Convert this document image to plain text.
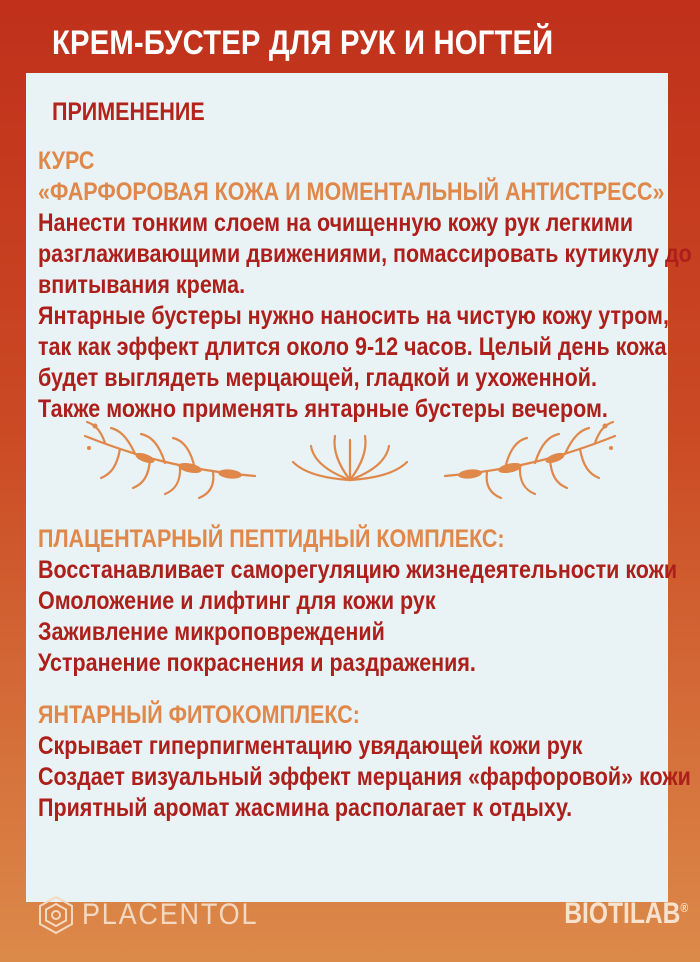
КРЕМ-БУСТЕР ДЛЯ РУК И НОГТЕЙ
ПРИМЕНЕНИЕ
КУРС
«ФАРФОРОВАЯ КОЖА И МОМЕНТАЛЬНЫЙ АНТИСТРЕСС»
Нанести тонким слоем на очищенную кожу рук легкими
разглаживающими движениями, помассировать кутикулу до
впитывания крема.
Янтарные бустеры нужно наносить на чистую кожу утром,
так как эффект длится около 9-12 часов. Целый день кожа
будет выглядеть мерцающей, гладкой и ухоженной.
Также можно применять янтарные бустеры вечером.
ПЛАЦЕНТАРНЫЙ ПЕПТИДНЫЙ КОМПЛЕКС:
Восстанавливает саморегуляцию жизнедеятельности кожи
Омоложение и лифтинг для кожи рук
Заживление микроповреждений
Устранение покраснения и раздражения.
ЯНТАРНЫЙ ФИТОКОМПЛЕКС:
Скрывает гиперпигментацию увядающей кожи рук
Создает визуальный эффект мерцания «фарфоровой» кожи
Приятный аромат жасмина располагает к отдыху.
PLACENTOL	BIOTILAB®
